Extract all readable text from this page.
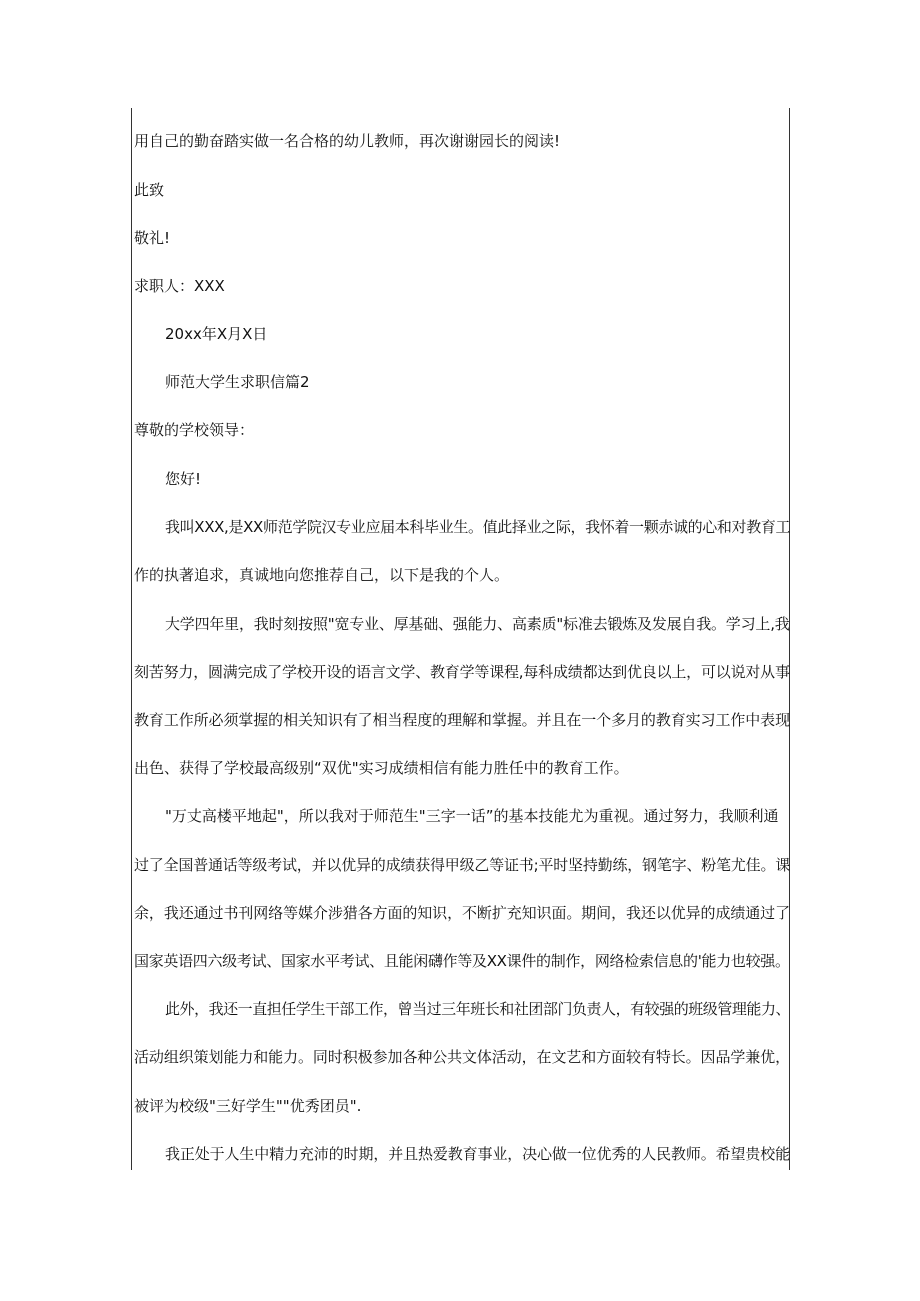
用自己的勤奋踏实做一名合格的幼儿教师，再次谢谢园长的阅读!
此致
敬礼!
求职人：XXX
20xx年X月X日
师范大学生求职信篇2
尊敬的学校领导：
您好!
我叫XXX,是XX师范学院汉专业应届本科毕业生。值此择业之际，我怀着一颗赤诚的心和对教育工
作的执著追求，真诚地向您推荐自己，以下是我的个人。
大学四年里，我时刻按照"宽专业、厚基础、强能力、高素质"标准去锻炼及发展自我。学习上,我
刻苦努力，圆满完成了学校开设的语言文学、教育学等课程,每科成绩都达到优良以上，可以说对从事
教育工作所必须掌握的相关知识有了相当程度的理解和掌握。并且在一个多月的教育实习工作中表现
出色、获得了学校最高级别“双优"实习成绩相信有能力胜任中的教育工作。
"万丈高楼平地起"，所以我对于师范生"三字一话”的基本技能尤为重视。通过努力，我顺利通
过了全国普通话等级考试，并以优异的成绩获得甲级乙等证书;平时坚持勤练，钢笔字、粉笔尤佳。课
余，我还通过书刊网络等媒介涉猎各方面的知识，不断扩充知识面。期间，我还以优异的成绩通过了
国家英语四六级考试、国家水平考试、且能闲礴作等及XX课件的制作，网络检索信息的'能力也较强。
此外，我还一直担任学生干部工作，曾当过三年班长和社团部门负责人，有较强的班级管理能力、
活动组织策划能力和能力。同时积极参加各种公共文体活动，在文艺和方面较有特长。因品学兼优，
被评为校级"三好学生""优秀团员".
我正处于人生中精力充沛的时期，并且热爱教育事业，决心做一位优秀的人民教师。希望贵校能
